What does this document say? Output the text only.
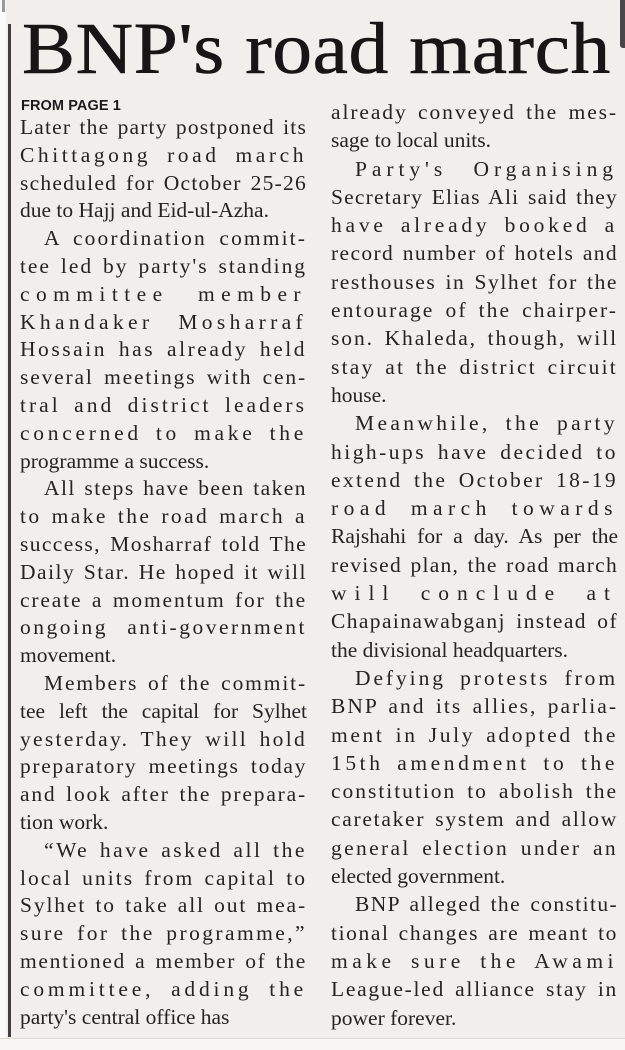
BNP's road march
FROM PAGE 1
Later the party postponed its
Chittagong road march
scheduled for October 25-26
due to Hajj and Eid-ul-Azha.
A coordination commit-
tee led by party's standing
committee member
Khandaker Mosharraf
Hossain has already held
several meetings with cen-
tral and district leaders
concerned to make the
programme a success.
All steps have been taken
to make the road march a
success, Mosharraf told The
Daily Star. He hoped it will
create a momentum for the
ongoing anti-government
movement.
Members of the commit-
tee left the capital for Sylhet
yesterday. They will hold
preparatory meetings today
and look after the prepara-
tion work.
“We have asked all the
local units from capital to
Sylhet to take all out mea-
sure for the programme,”
mentioned a member of the
committee, adding the
party's central office has
already conveyed the mes-
sage to local units.
Party's Organising
Secretary Elias Ali said they
have already booked a
record number of hotels and
resthouses in Sylhet for the
entourage of the chairper-
son. Khaleda, though, will
stay at the district circuit
house.
Meanwhile, the party
high-ups have decided to
extend the October 18-19
road march towards
Rajshahi for a day. As per the
revised plan, the road march
will conclude at
Chapainawabganj instead of
the divisional headquarters.
Defying protests from
BNP and its allies, parlia-
ment in July adopted the
15th amendment to the
constitution to abolish the
caretaker system and allow
general election under an
elected government.
BNP alleged the constitu-
tional changes are meant to
make sure the Awami
League-led alliance stay in
power forever.
